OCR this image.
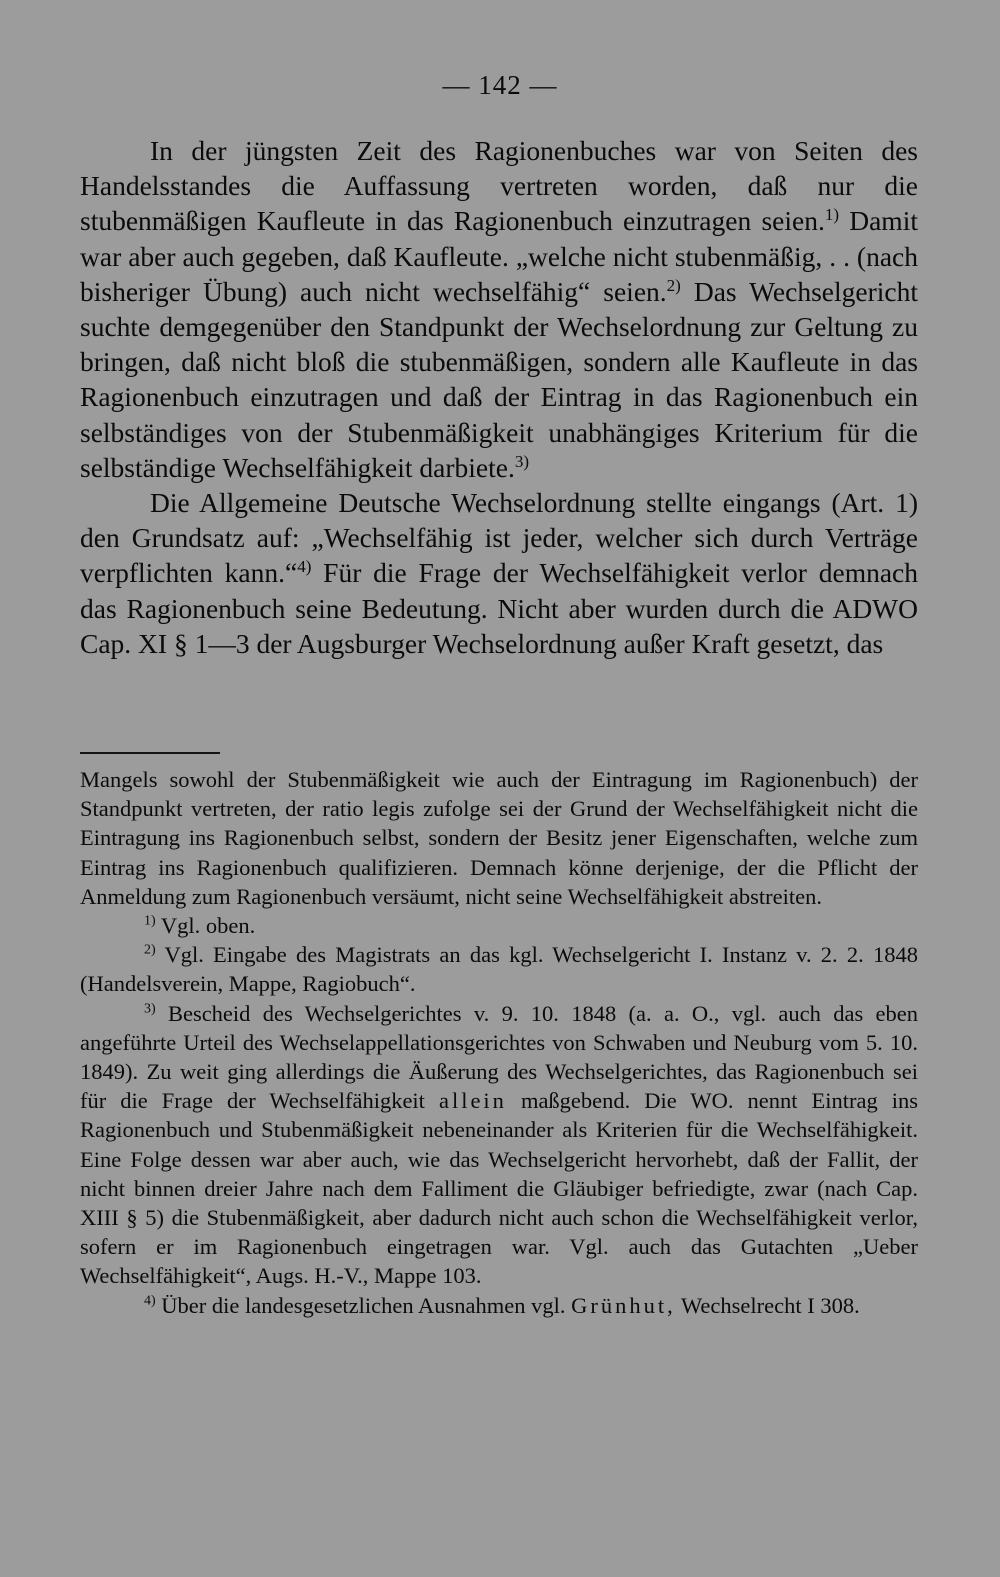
— 142 —

In der jüngsten Zeit des Ragionenbuches war von Seiten des Handelsstandes die Auffassung vertreten worden, daß nur die stubenmäßigen Kaufleute in das Ragionenbuch einzutragen seien.$^{1)}$ Damit war aber auch gegeben, daß Kaufleute. „welche nicht stubenmäßig, . . (nach bisheriger Übung) auch nicht wechselfähig“ seien.$^{2)}$ Das Wechselgericht suchte demgegenüber den Standpunkt der Wechselordnung zur Geltung zu bringen, daß nicht bloß die stubenmäßigen, sondern alle Kaufleute in das Ragionenbuch einzutragen und daß der Eintrag in das Ragionenbuch ein selbständiges von der Stubenmäßigkeit unabhängiges Kriterium für die selbständige Wechselfähigkeit darbiete.$^{3)}$

Die Allgemeine Deutsche Wechselordnung stellte eingangs (Art. 1) den Grundsatz auf: „Wechselfähig ist jeder, welcher sich durch Verträge verpflichten kann.“$^{4)}$ Für die Frage der Wechselfähigkeit verlor demnach das Ragionenbuch seine Bedeutung. Nicht aber wurden durch die ADWO Cap. XI § 1—3 der Augsburger Wechselordnung außer Kraft gesetzt, das

Mangels sowohl der Stubenmäßigkeit wie auch der Eintragung im Ragionenbuch) der Standpunkt vertreten, der ratio legis zufolge sei der Grund der Wechselfähigkeit nicht die Eintragung ins Ragionenbuch selbst, sondern der Besitz jener Eigenschaften, welche zum Eintrag ins Ragionenbuch qualifizieren. Demnach könne derjenige, der die Pflicht der Anmeldung zum Ragionenbuch versäumt, nicht seine Wechselfähigkeit abstreiten.

$^{1)}$ Vgl. oben.

$^{2)}$ Vgl. Eingabe des Magistrats an das kgl. Wechselgericht I. Instanz v. 2. 2. 1848 (Handelsverein, Mappe, Ragiobuch“.

$^{3)}$ Bescheid des Wechselgerichtes v. 9. 10. 1848 (a. a. O., vgl. auch das eben angeführte Urteil des Wechselappellationsgerichtes von Schwaben und Neuburg vom 5. 10. 1849). Zu weit ging allerdings die Äußerung des Wechselgerichtes, das Ragionenbuch sei für die Frage der Wechselfähigkeit allein maßgebend. Die WO. nennt Eintrag ins Ragionenbuch und Stubenmäßigkeit nebeneinander als Kriterien für die Wechselfähigkeit. Eine Folge dessen war aber auch, wie das Wechselgericht hervorhebt, daß der Fallit, der nicht binnen dreier Jahre nach dem Falliment die Gläubiger befriedigte, zwar (nach Cap. XIII § 5) die Stubenmäßigkeit, aber dadurch nicht auch schon die Wechselfähigkeit verlor, sofern er im Ragionenbuch eingetragen war. Vgl. auch das Gutachten „Ueber Wechselfähigkeit“, Augs. H.-V., Mappe 103.

$^{4)}$ Über die landesgesetzlichen Ausnahmen vgl. Grünhut, Wechselrecht I 308.
